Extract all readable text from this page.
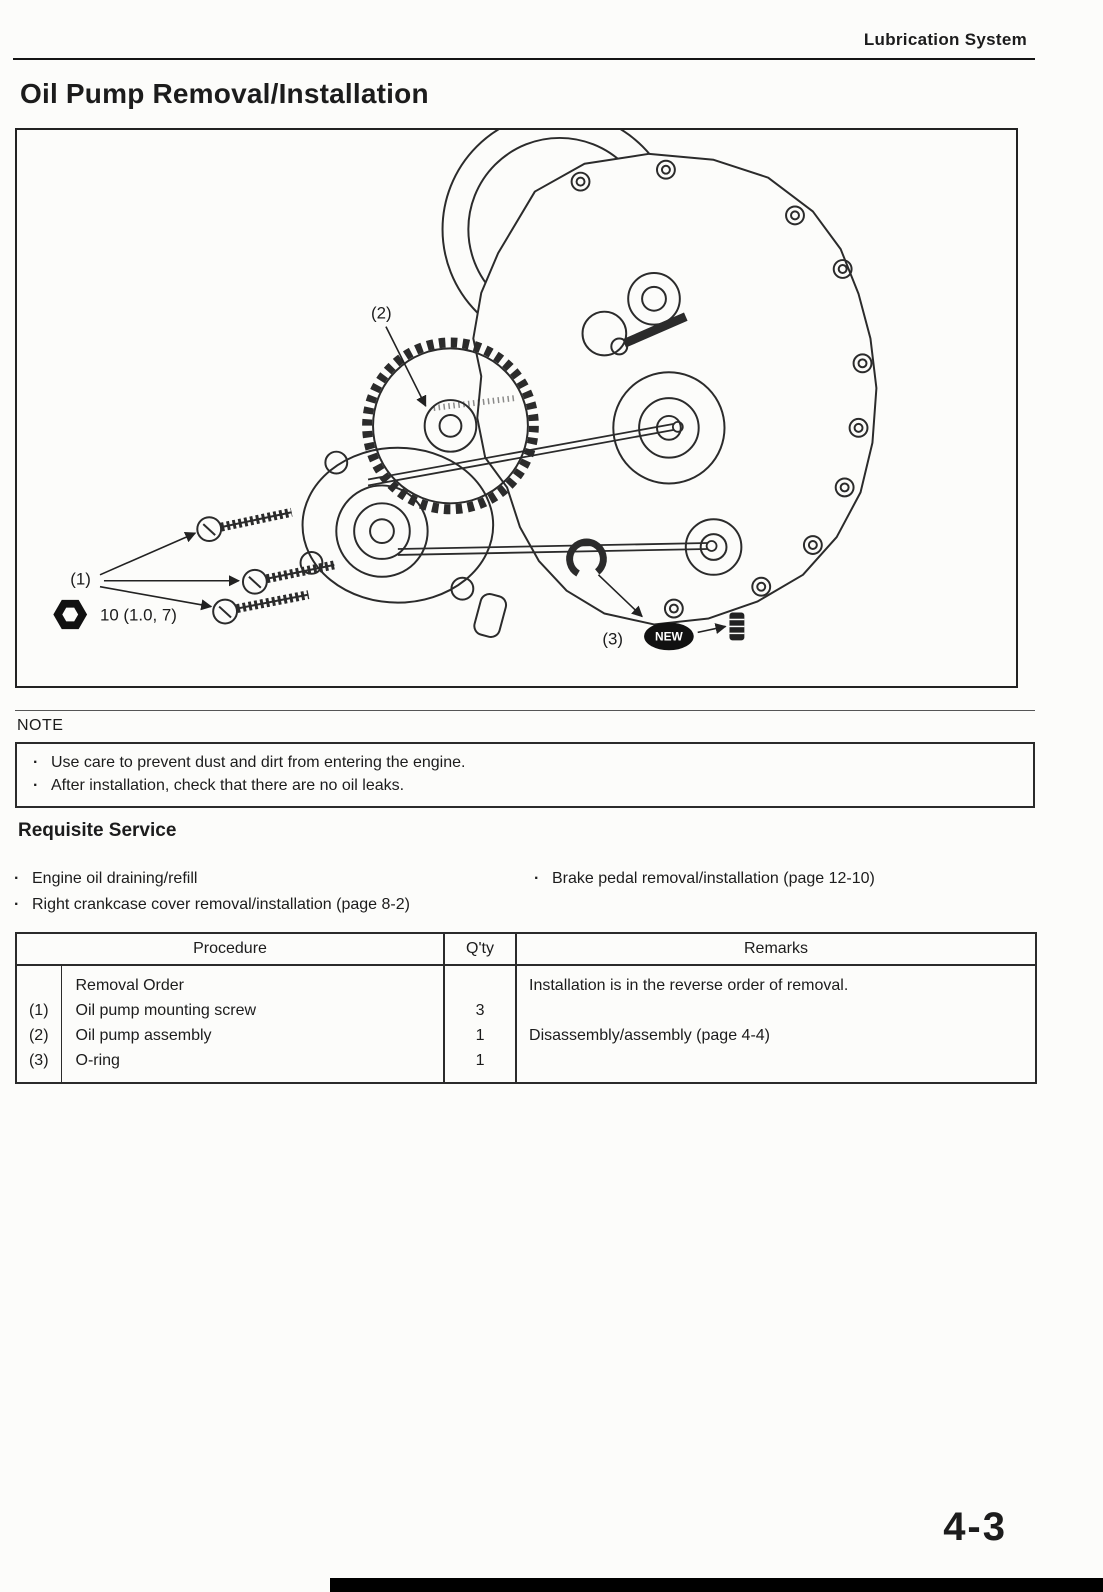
Lubrication System
Oil Pump Removal/Installation
(1)
(2)
(3)	NEW
10 (1.0, 7)
NOTE
· Use care to prevent dust and dirt from entering the engine.
· After installation, check that there are no oil leaks.
Requisite Service
· Engine oil draining/refill
· Right crankcase cover removal/installation (page 8-2)
· Brake pedal removal/installation (page 12-10)
Procedure		Q'ty	Remarks
	Removal Order		Installation is in the reverse order of removal.
(1)	Oil pump mounting screw	3	
(2)	Oil pump assembly	1	Disassembly/assembly (page 4-4)
(3)	O-ring	1	
4-3
